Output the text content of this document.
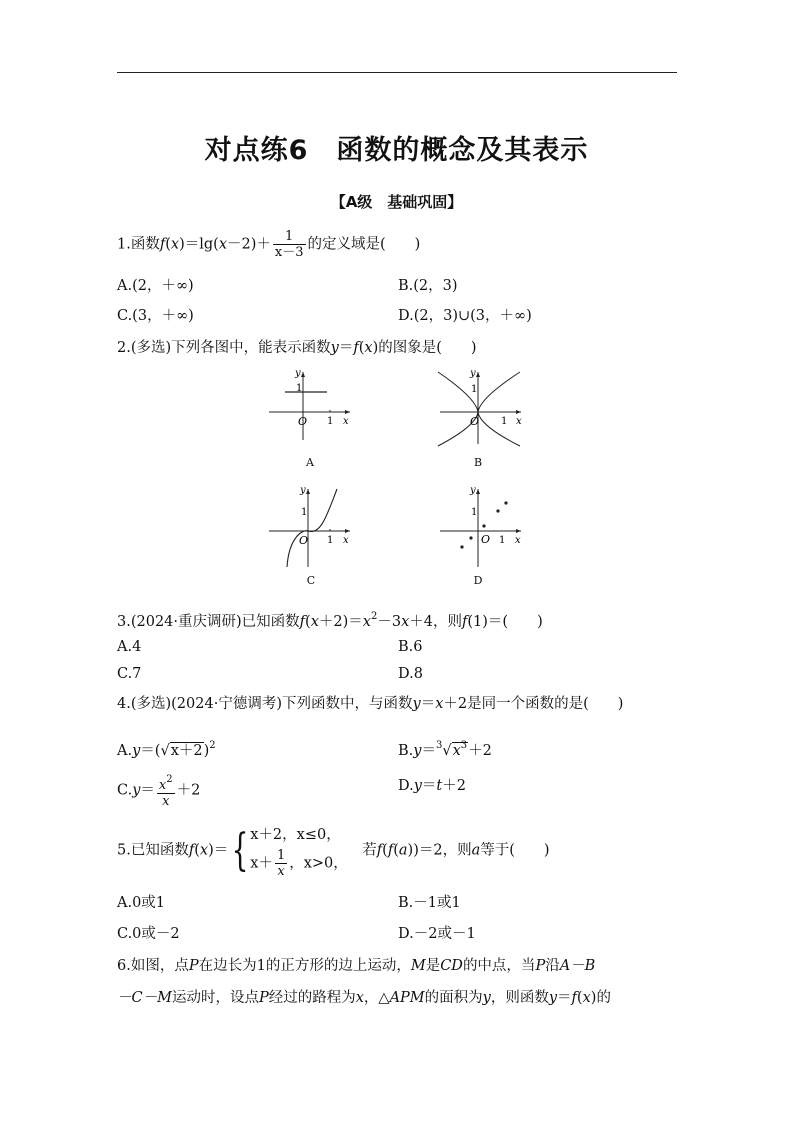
对点练6　函数的概念及其表示
【A级　基础巩固】
1.函数$f(x)=\lg(x-2)+ \frac{1}{x-3}$ 的定义域是(　　)
A.(2，＋∞)	B.(2，3)
C.(3，＋∞)	D.(2，3)∪(3，＋∞)
2.(多选)下列各图中，能表示函数y＝f(x)的图象是(　　)
y
x
O
1
1
A
y
x
O
1
1
B
y
x
O
1
1
C
y
x
O
1
1
D
3.(2024·重庆调研)已知函数$f(x+2)=x^2-3x+4$，则f(1)＝(　　)
A.4	B.6
C.7	D.8
4.(多选)(2024·宁德调考)下列函数中，与函数y＝x＋2是同一个函数的是(　　)
$A.y=(√x+2)^2$	$B.y=^3√x^3+2$
$C.y= \frac{x^2}{x} +2$	D.y＝t＋2
5.已知函数f(x)＝{ x＋2，x≤0，
$x+ \frac{1}{x}$ ，x>0，
　若f(f(a))＝2，则a等于(　　)
A.0或1	B.－1或1
C.0或－2	D.－2或－1
6.如图，点P在边长为1的正方形的边上运动，M是CD的中点，当P沿A－B
－C－M运动时，设点P经过的路程为x，△APM的面积为y，则函数y＝f(x)的
